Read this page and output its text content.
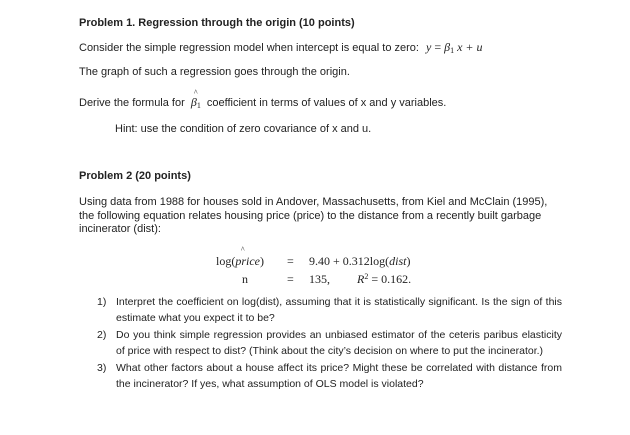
Problem 1. Regression through the origin (10 points)
Consider the simple regression model when intercept is equal to zero: y = β1 x + u
The graph of such a regression goes through the origin.
Derive the formula for
^
β1 coefficient in terms of values of x and y variables.
Hint: use the condition of zero covariance of x and u.
Problem 2 (20 points)
Using data from 1988 for houses sold in Andover, Massachusetts, from Kiel and McClain (1995), the following equation relates housing price (price) to the distance from a recently built garbage incinerator (dist):
log(
^
price) = 9.40 + 0.312log(dist)
n	= 135, $R^2 = 0.162$.
1) Interpret the coefficient on log(dist), assuming that it is statistically significant. Is the sign of this estimate what you expect it to be?
2) Do you think simple regression provides an unbiased estimator of the ceteris paribus elasticity of price with respect to dist? (Think about the city’s decision on where to put the incinerator.)
3) What other factors about a house affect its price? Might these be correlated with distance from the incinerator? If yes, what assumption of OLS model is violated?
